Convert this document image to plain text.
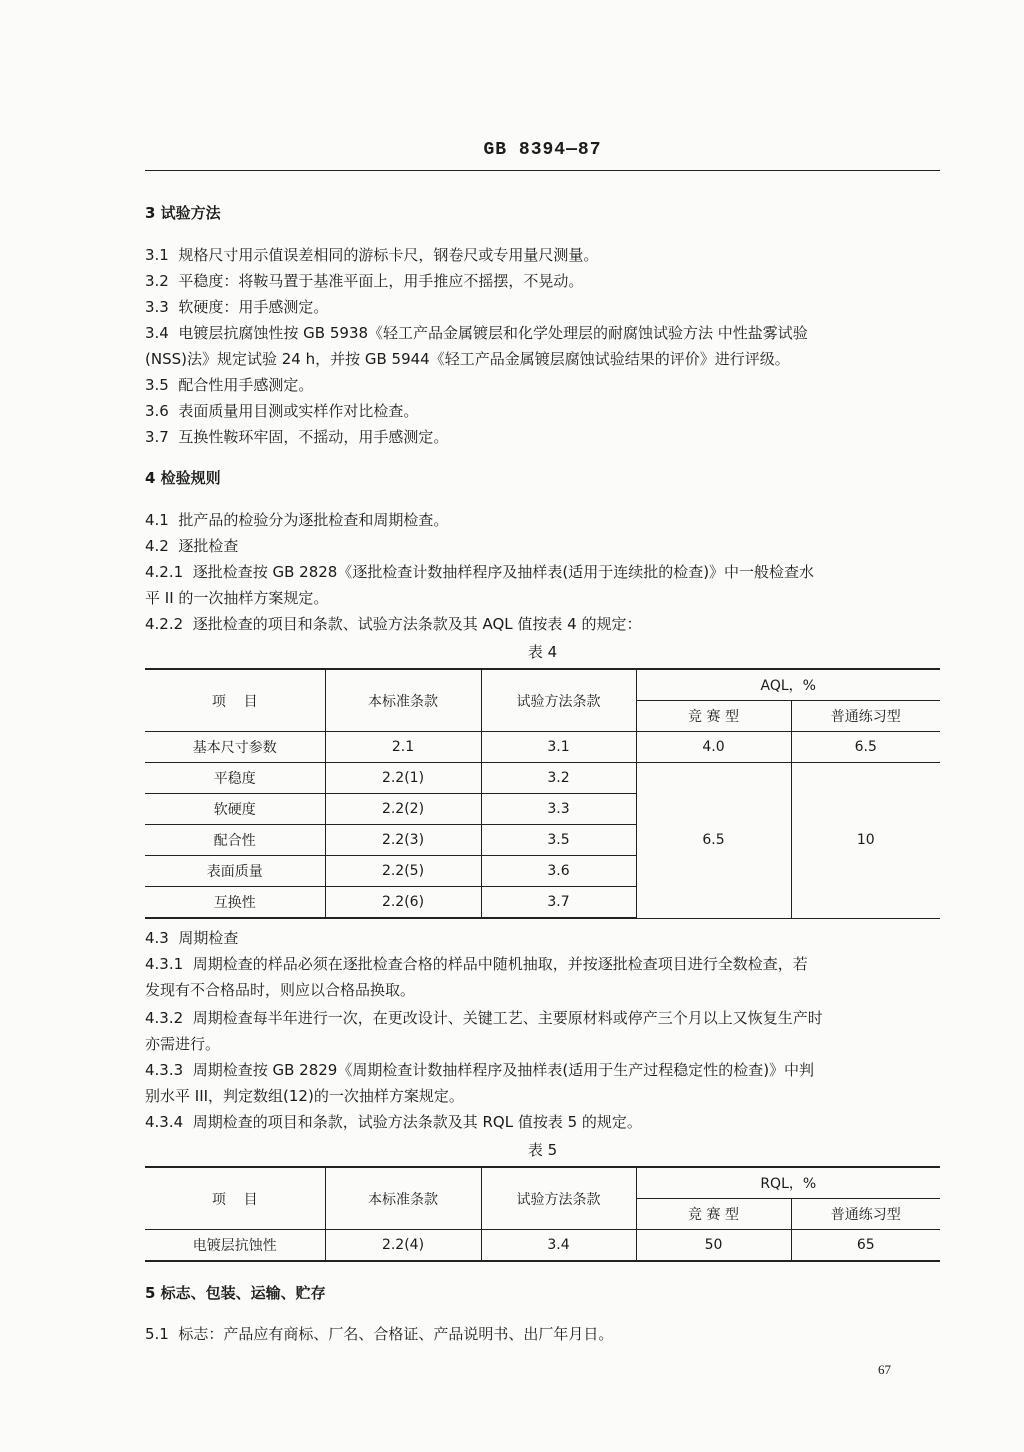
GB 8394—87
3 试验方法
3.1 规格尺寸用示值误差相同的游标卡尺，钢卷尺或专用量尺测量。
3.2 平稳度：将鞍马置于基准平面上，用手推应不摇摆，不晃动。
3.3 软硬度：用手感测定。
3.4 电镀层抗腐蚀性按 GB 5938《轻工产品金属镀层和化学处理层的耐腐蚀试验方法 中性盐雾试验
(NSS)法》规定试验 24 h，并按 GB 5944《轻工产品金属镀层腐蚀试验结果的评价》进行评级。
3.5 配合性用手感测定。
3.6 表面质量用目测或实样作对比检查。
3.7 互换性鞍环牢固，不摇动，用手感测定。
4 检验规则
4.1 批产品的检验分为逐批检查和周期检查。
4.2 逐批检查
4.2.1 逐批检查按 GB 2828《逐批检查计数抽样程序及抽样表(适用于连续批的检查)》中一般检查水
平 II 的一次抽样方案规定。
4.2.2 逐批检查的项目和条款、试验方法条款及其 AQL 值按表 4 的规定：
表 4
项    目	本标准条款	试验方法条款	AQL，%	
			竞 赛 型	普通练习型
基本尺寸参数	2.1	3.1	4.0	6.5
平稳度	2.2(1)	3.2	6.5	10
软硬度	2.2(2)	3.3		
配合性	2.2(3)	3.5		
表面质量	2.2(5)	3.6		
互换性	2.2(6)	3.7		
4.3 周期检查
4.3.1 周期检查的样品必须在逐批检查合格的样品中随机抽取，并按逐批检查项目进行全数检查，若
发现有不合格品时，则应以合格品换取。
4.3.2 周期检查每半年进行一次，在更改设计、关键工艺、主要原材料或停产三个月以上又恢复生产时
亦需进行。
4.3.3 周期检查按 GB 2829《周期检查计数抽样程序及抽样表(适用于生产过程稳定性的检查)》中判
别水平 III，判定数组(12)的一次抽样方案规定。
4.3.4 周期检查的项目和条款，试验方法条款及其 RQL 值按表 5 的规定。
表 5
项    目	本标准条款	试验方法条款	RQL，%	
			竞 赛 型	普通练习型
电镀层抗蚀性	2.2(4)	3.4	50	65
5 标志、包装、运输、贮存
5.1 标志：产品应有商标、厂名、合格证、产品说明书、出厂年月日。
67
